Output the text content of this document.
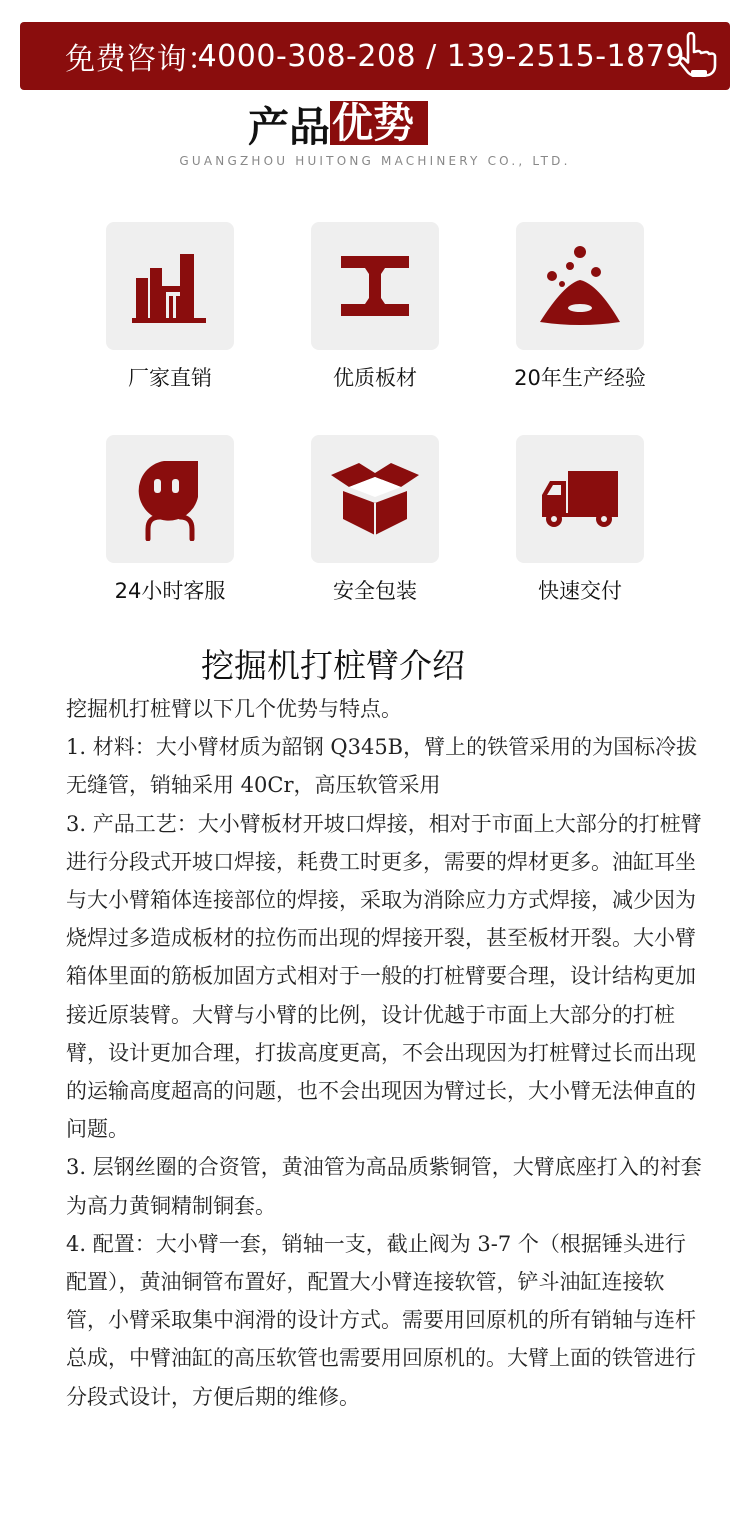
免费咨询：
4000-308-208 / 139-2515-1879
产品 优势
GUANGZHOU HUITONG MACHINERY CO., LTD.
厂家直销	优质板材	20年生产经验
24小时客服	安全包装	快速交付
挖掘机打桩臂介绍

挖掘机打桩臂以下几个优势与特点。

1. 材料：大小臂材质为韶钢 Q345B，臂上的铁管采用的为国标冷拔无缝管，销轴采用 40Cr，高压软管采用

3. 产品工艺：大小臂板材开坡口焊接，相对于市面上大部分的打桩臂进行分段式开坡口焊接，耗费工时更多，需要的焊材更多。油缸耳坐与大小臂箱体连接部位的焊接，采取为消除应力方式焊接，减少因为烧焊过多造成板材的拉伤而出现的焊接开裂，甚至板材开裂。大小臂箱体里面的筋板加固方式相对于一般的打桩臂要合理，设计结构更加接近原装臂。大臂与小臂的比例，设计优越于市面上大部分的打桩臂，设计更加合理，打拔高度更高，不会出现因为打桩臂过长而出现的运输高度超高的问题，也不会出现因为臂过长，大小臂无法伸直的问题。

3. 层钢丝圈的合资管，黄油管为高品质紫铜管，大臂底座打入的衬套为高力黄铜精制铜套。

4. 配置：大小臂一套，销轴一支，截止阀为 3-7 个（根据锤头进行配置），黄油铜管布置好，配置大小臂连接软管，铲斗油缸连接软管，小臂采取集中润滑的设计方式。需要用回原机的所有销轴与连杆总成，中臂油缸的高压软管也需要用回原机的。大臂上面的铁管进行分段式设计，方便后期的维修。
